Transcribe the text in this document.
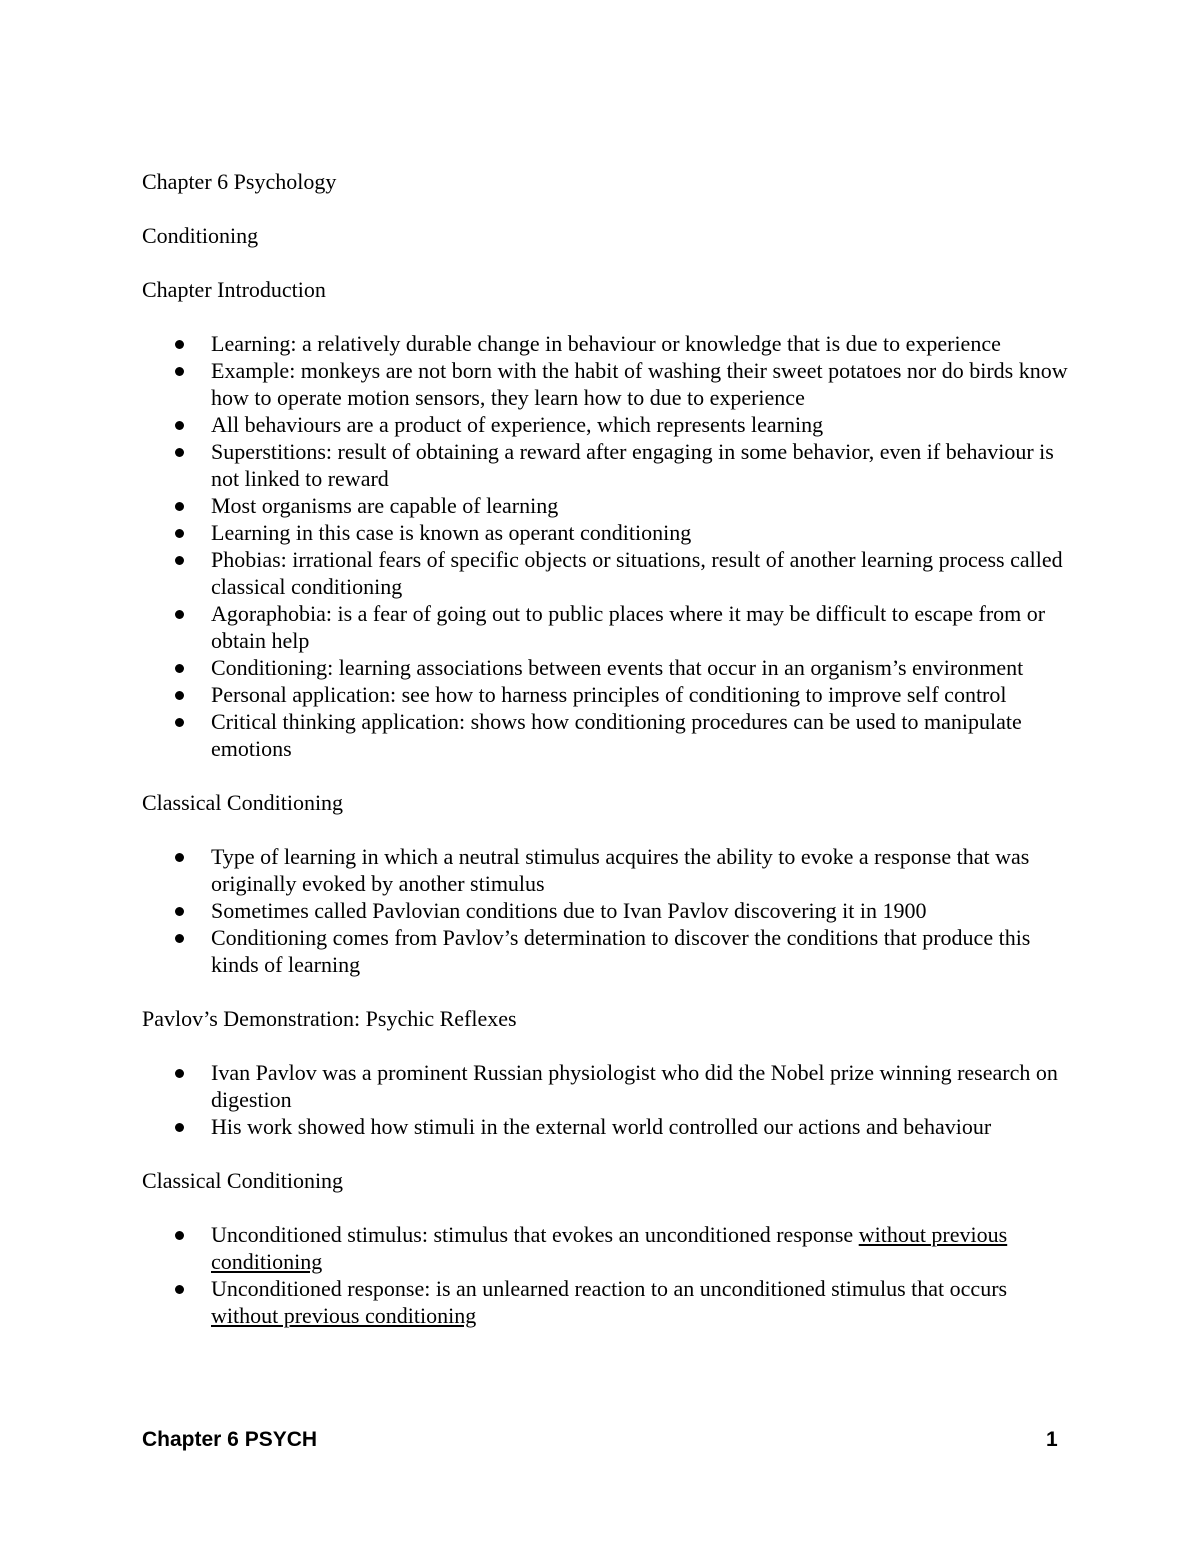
Chapter 6 Psychology

Conditioning

Chapter Introduction

Learning: a relatively durable change in behaviour or knowledge that is due to experience
Example: monkeys are not born with the habit of washing their sweet potatoes nor do birds know how to operate motion sensors, they learn how to due to experience
All behaviours are a product of experience, which represents learning
Superstitions: result of obtaining a reward after engaging in some behavior, even if behaviour is not linked to reward
Most organisms are capable of learning
Learning in this case is known as operant conditioning
Phobias: irrational fears of specific objects or situations, result of another learning process called classical conditioning
Agoraphobia: is a fear of going out to public places where it may be difficult to escape from or obtain help
Conditioning: learning associations between events that occur in an organism’s environment
Personal application: see how to harness principles of conditioning to improve self control
Critical thinking application: shows how conditioning procedures can be used to manipulate emotions

Classical Conditioning

Type of learning in which a neutral stimulus acquires the ability to evoke a response that was originally evoked by another stimulus
Sometimes called Pavlovian conditions due to Ivan Pavlov discovering it in 1900
Conditioning comes from Pavlov’s determination to discover the conditions that produce this kinds of learning

Pavlov’s Demonstration: Psychic Reflexes

Ivan Pavlov was a prominent Russian physiologist who did the Nobel prize winning research on digestion
His work showed how stimuli in the external world controlled our actions and behaviour

Classical Conditioning

Unconditioned stimulus: stimulus that evokes an unconditioned response without previous conditioning
Unconditioned response: is an unlearned reaction to an unconditioned stimulus that occurs without previous conditioning
Chapter 6 PSYCH	1
